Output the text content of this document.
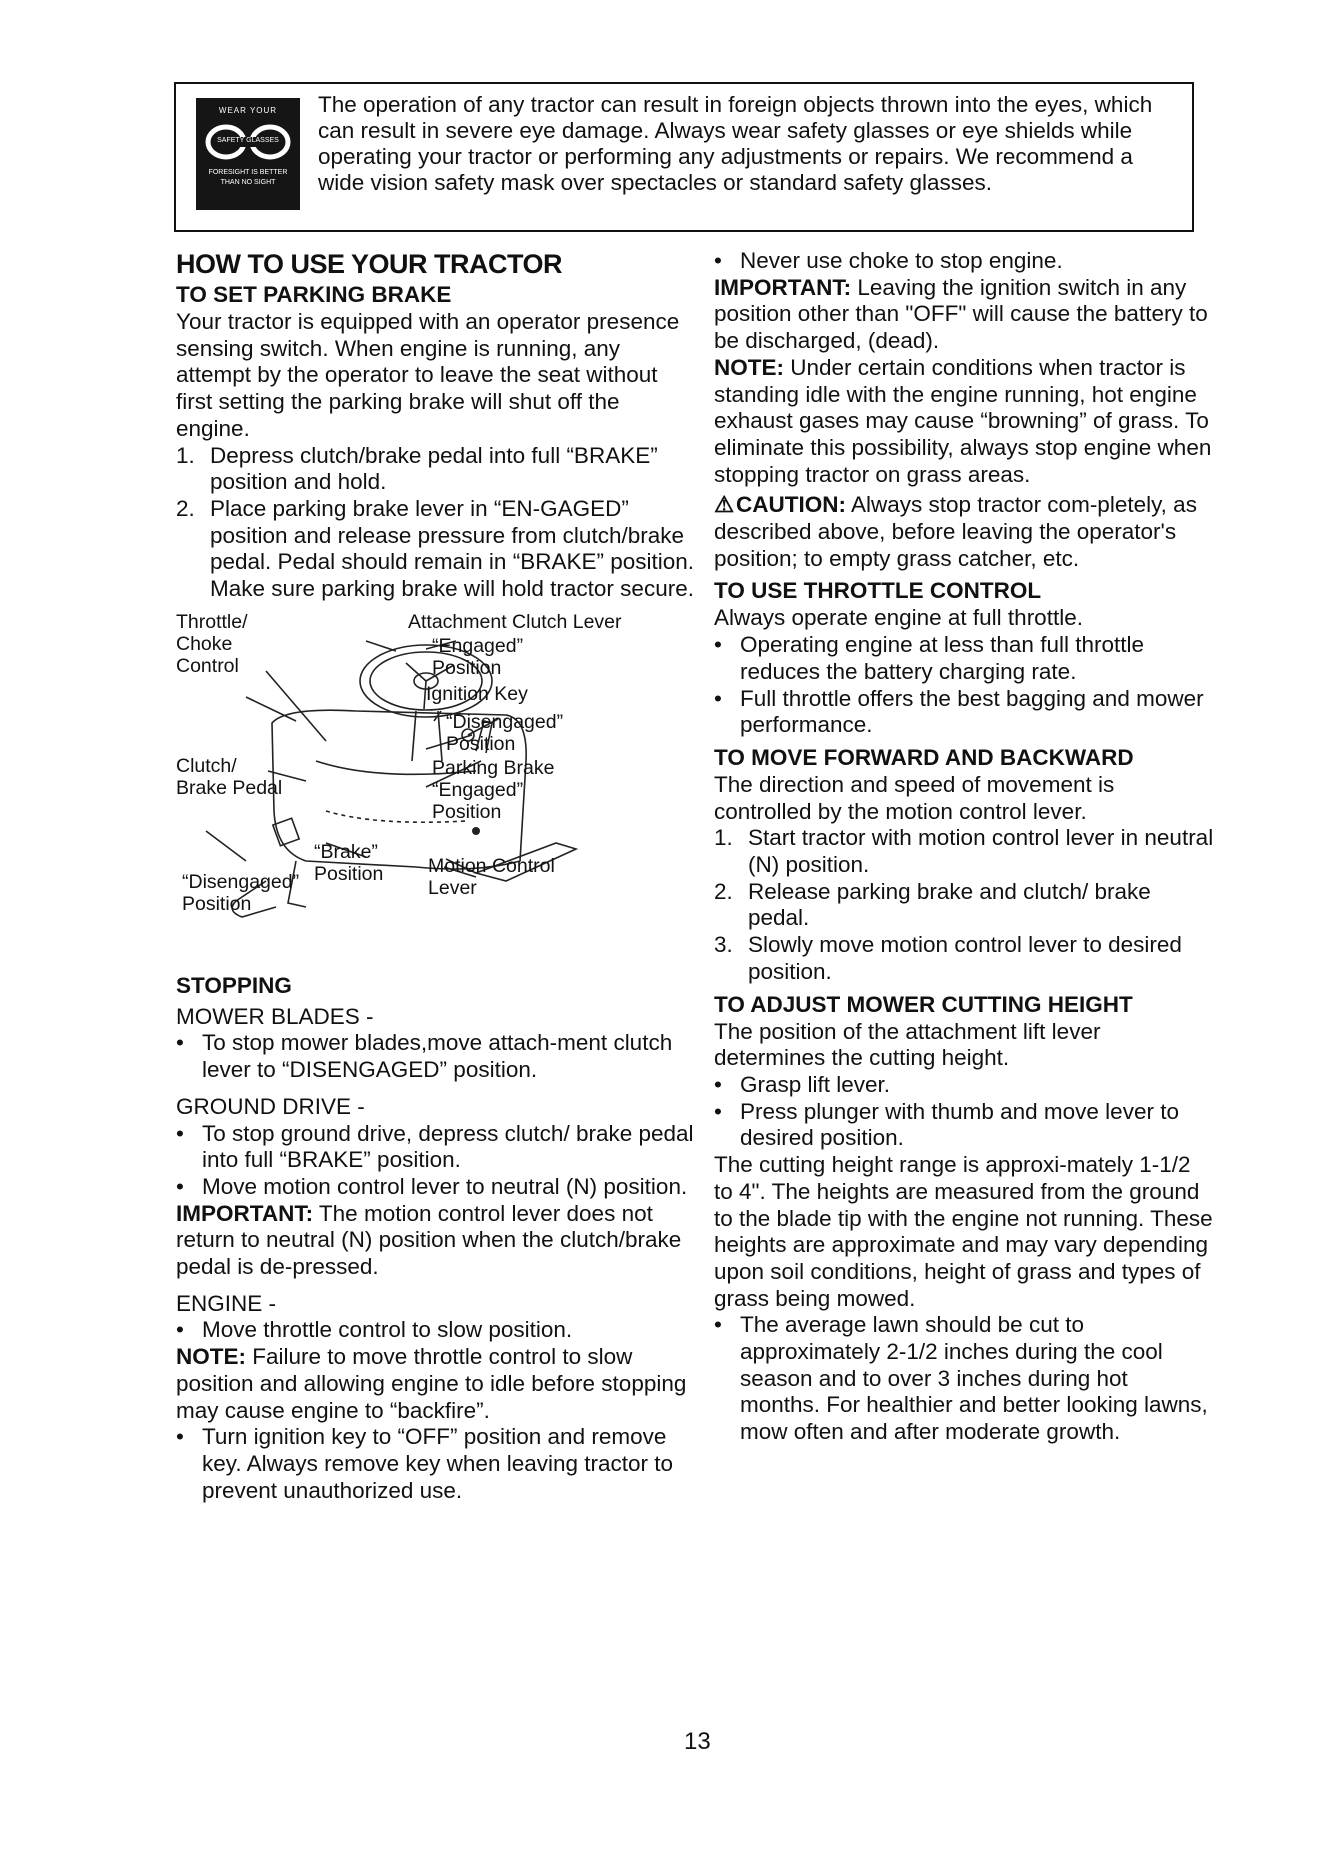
WEAR YOUR
SAFETY GLASSES
FORESIGHT IS BETTER THAN NO SIGHT

The operation of any tractor can result in foreign objects thrown into the eyes, which can result in severe eye damage. Always wear safety glasses or eye shields while operating your tractor or performing any adjustments or repairs. We recommend a wide vision safety mask over spectacles or standard safety glasses.

HOW TO USE YOUR TRACTOR

TO SET PARKING BRAKE

Your tractor is equipped with an operator presence sensing switch. When engine is running, any attempt by the operator to leave the seat without first setting the parking brake will shut off the engine.

1. Depress clutch/brake pedal into full “BRAKE” position and hold.
2. Place parking brake lever in “EN-GAGED” position and release pressure from clutch/brake pedal. Pedal should remain in “BRAKE” position. Make sure parking brake will hold tractor secure.
Throttle/
Choke
Control
Attachment Clutch Lever
“Engaged”
Position
Ignition Key
“Disengaged”
Position
Clutch/
Brake Pedal
Parking Brake
“Engaged”
Position
“Brake”
Position Motion Control
Lever
“Disengaged”
Position

STOPPING

MOWER BLADES -

• To stop mower blades,move attach-ment clutch lever to “DISENGAGED” position.

GROUND DRIVE -

• To stop ground drive, depress clutch/ brake pedal into full “BRAKE” position.
• Move motion control lever to neutral (N) position.

IMPORTANT: The motion control lever does not return to neutral (N) position when the clutch/brake pedal is de-pressed.

ENGINE -

• Move throttle control to slow position.

NOTE: Failure to move throttle control to slow position and allowing engine to idle before stopping may cause engine to “backfire”.

• Turn ignition key to “OFF” position and remove key. Always remove key when leaving tractor to prevent unauthorized use.
• Never use choke to stop engine.

IMPORTANT: Leaving the ignition switch in any position other than "OFF" will cause the battery to be discharged, (dead).

NOTE: Under certain conditions when tractor is standing idle with the engine running, hot engine exhaust gases may cause “browning” of grass. To eliminate this possibility, always stop engine when stopping tractor on grass areas.

⚠CAUTION: Always stop tractor com-pletely, as described above, before leaving the operator's position; to empty grass catcher, etc.

TO USE THROTTLE CONTROL

Always operate engine at full throttle.

• Operating engine at less than full throttle reduces the battery charging rate.
• Full throttle offers the best bagging and mower performance.

TO MOVE FORWARD AND BACKWARD

The direction and speed of movement is controlled by the motion control lever.

1. Start tractor with motion control lever in neutral (N) position.
2. Release parking brake and clutch/ brake pedal.
3. Slowly move motion control lever to desired position.

TO ADJUST MOWER CUTTING HEIGHT

The position of the attachment lift lever determines the cutting height.

• Grasp lift lever.
• Press plunger with thumb and move lever to desired position.

The cutting height range is approxi-mately 1-1/2 to 4". The heights are measured from the ground to the blade tip with the engine not running. These heights are approximate and may vary depending upon soil conditions, height of grass and types of grass being mowed.

• The average lawn should be cut to approximately 2-1/2 inches during the cool season and to over 3 inches during hot months. For healthier and better looking lawns, mow often and after moderate growth.
13
